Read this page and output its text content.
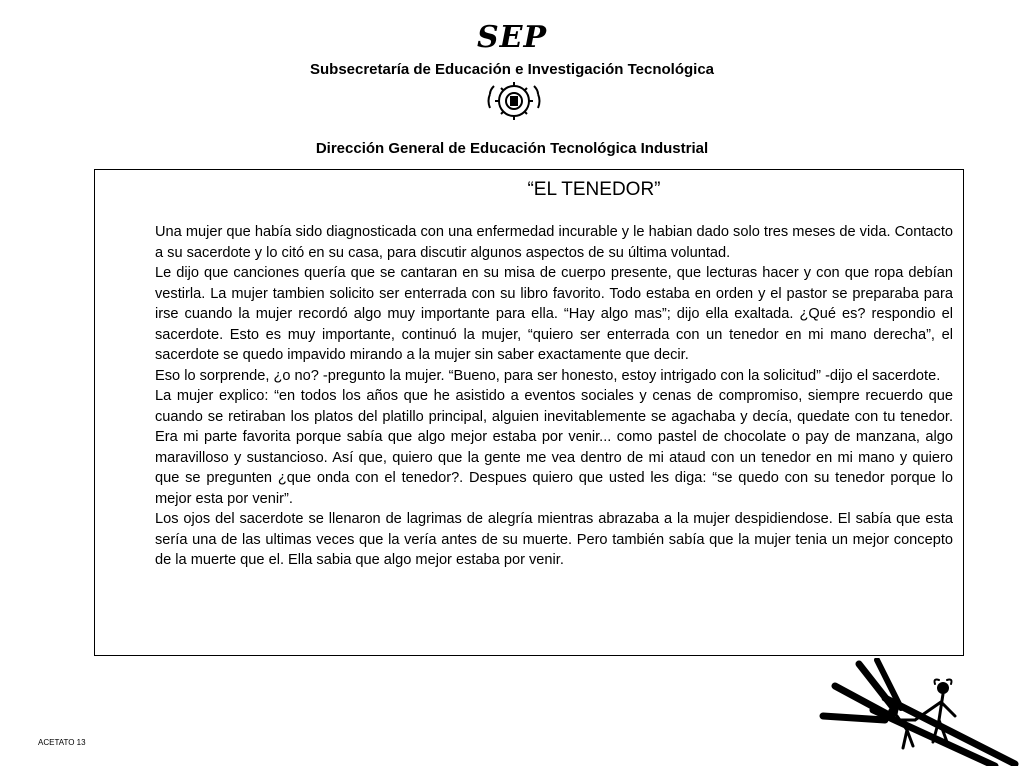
SEP
Subsecretaría de Educación e Investigación Tecnológica
Dirección General de Educación Tecnológica Industrial
“EL TENEDOR”

Una mujer que había sido diagnosticada con una enfermedad incurable y le habian dado solo tres meses de vida. Contacto a su sacerdote y lo citó en su casa, para discutir algunos aspectos de su última voluntad.

Le dijo que canciones quería que se cantaran en su misa de cuerpo presente, que lecturas hacer y con que ropa debían vestirla. La mujer tambien solicito ser enterrada con su libro favorito. Todo estaba en orden y el pastor se preparaba para irse cuando la mujer recordó algo muy importante para ella. “Hay algo mas”; dijo ella exaltada. ¿Qué es? respondio el sacerdote. Esto es muy importante, continuó la mujer, “quiero ser enterrada con un tenedor en mi mano derecha”, el sacerdote se quedo impavido mirando a la mujer sin saber exactamente que decir.

Eso lo sorprende, ¿o no? -pregunto la mujer. “Bueno, para ser honesto, estoy intrigado con la solicitud” -dijo el sacerdote.

La mujer explico: “en todos los años que he asistido a eventos sociales y cenas de compromiso, siempre recuerdo que cuando se retiraban los platos del platillo principal, alguien inevitablemente se agachaba y decía, quedate con tu tenedor. Era mi parte favorita porque sabía que algo mejor estaba por venir... como pastel de chocolate o pay de manzana, algo maravilloso y sustancioso. Así que, quiero que la gente me vea dentro de mi ataud con un tenedor en mi mano y quiero que se pregunten ¿que onda con el tenedor?. Despues quiero que usted les diga: “se quedo con su tenedor porque lo mejor esta por venir”.

Los ojos del sacerdote se llenaron de lagrimas de alegría mientras abrazaba a la mujer despidiendose. El sabía que esta sería una de las ultimas veces que la vería antes de su muerte. Pero también sabía que la mujer tenia un mejor concepto de la muerte que el. Ella sabia que algo mejor estaba por venir.

ACETATO 13
